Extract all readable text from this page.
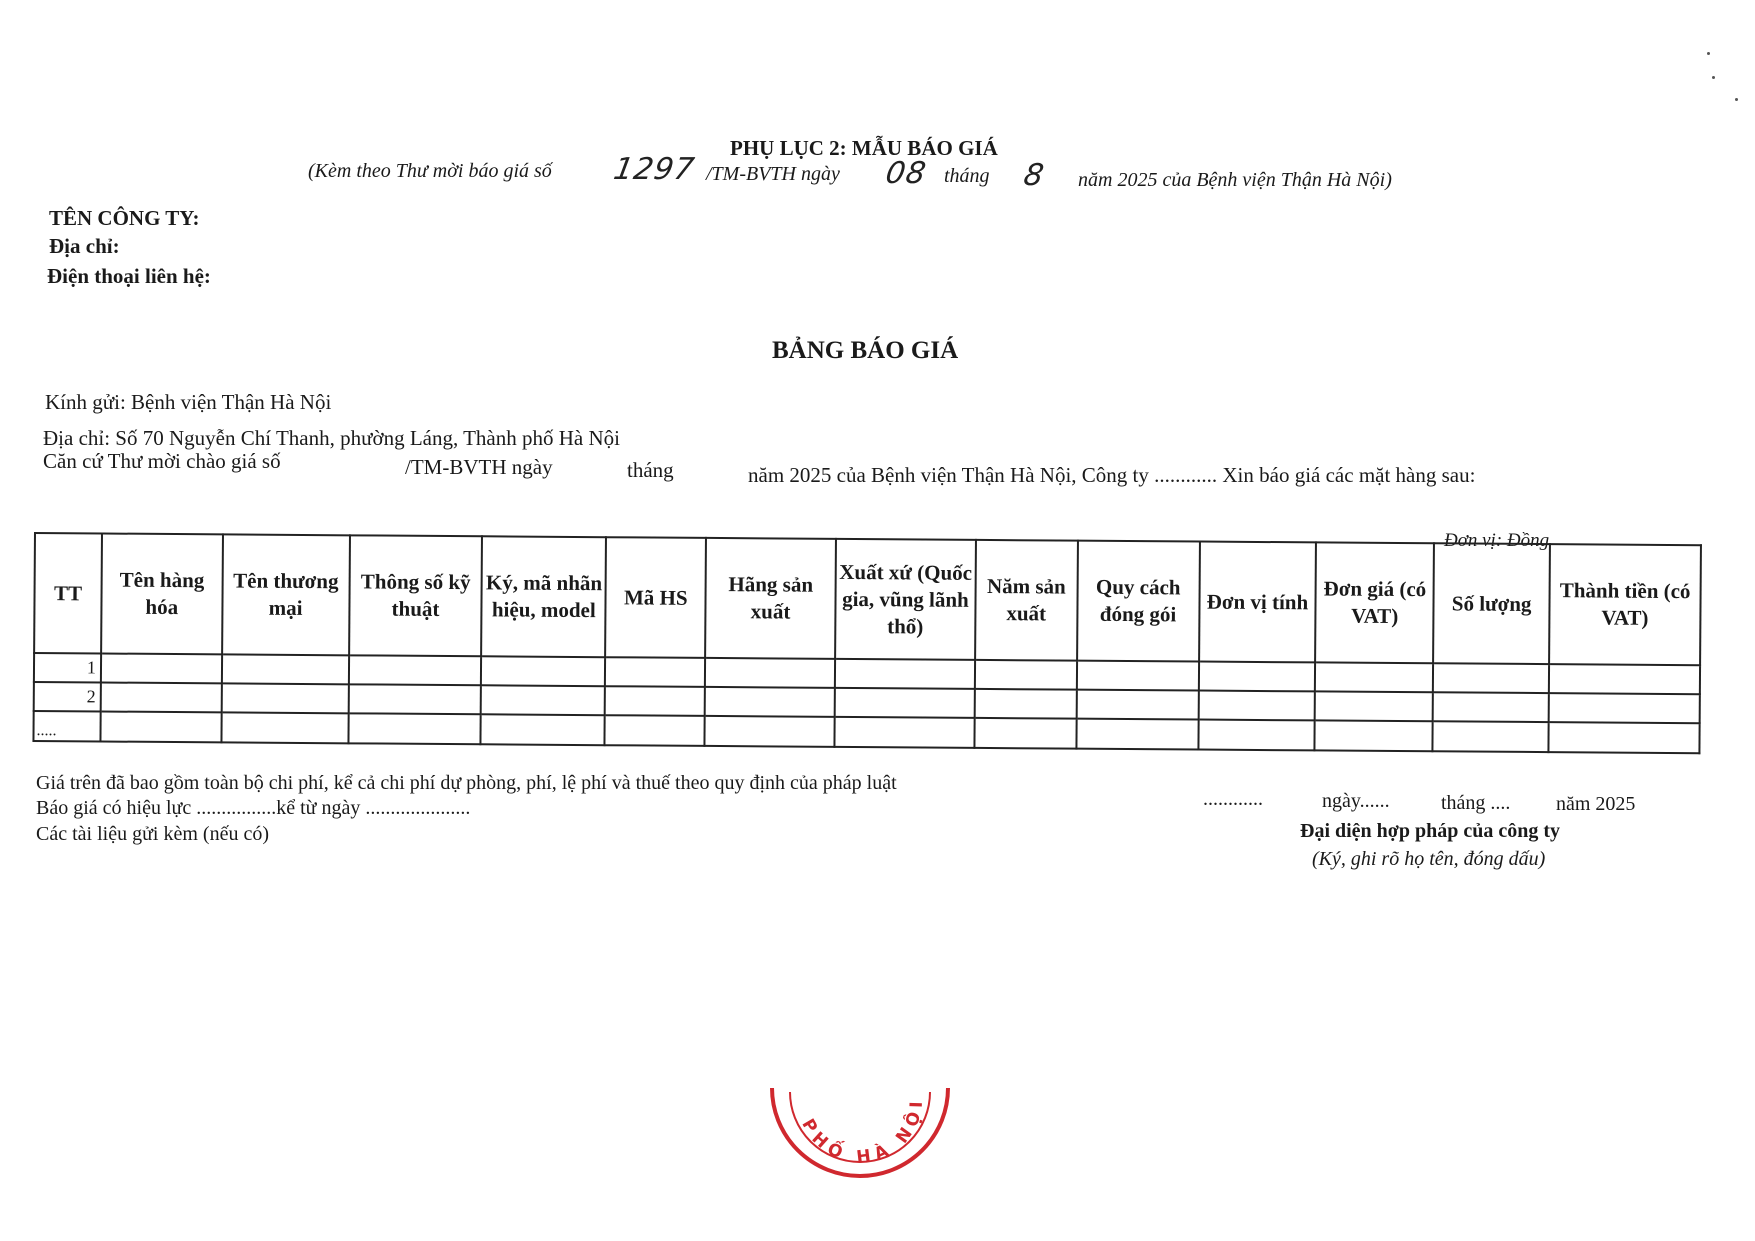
PHỤ LỤC 2: MẪU BÁO GIÁ
(Kèm theo Thư mời báo giá số 1297 /TM-BVTH ngày 08 tháng 8 năm 2025 của Bệnh viện Thận Hà Nội)
TÊN CÔNG TY:
Địa chỉ:
Điện thoại liên hệ:
BẢNG BÁO GIÁ
Kính gửi: Bệnh viện Thận Hà Nội
Địa chỉ: Số 70 Nguyễn Chí Thanh, phường Láng, Thành phố Hà Nội
Căn cứ Thư mời chào giá số	/TM-BVTH ngày	tháng	năm 2025 của Bệnh viện Thận Hà Nội, Công ty ............ Xin báo giá các mặt hàng sau:
Đơn vị: Đồng
TT	Tên hàng hóa	Tên thương mại	Thông số kỹ thuật	Ký, mã nhãn hiệu, model	Mã HS	Hãng sản xuất	Xuất xứ (Quốc gia, vũng lãnh thổ)	Năm sản xuất	Quy cách đóng gói	Đơn vị tính	Đơn giá (có VAT)	Số lượng	Thành tiền (có VAT)
1													
2													
.....													
Giá trên đã bao gồm toàn bộ chi phí, kể cả chi phí dự phòng, phí, lệ phí và thuế theo quy định của pháp luật
Báo giá có hiệu lực ................kể từ ngày .....................
Các tài liệu gửi kèm (nếu có)
............	ngày......	tháng .... năm 2025
Đại diện hợp pháp của công ty
(Ký, ghi rõ họ tên, đóng dấu)
PHỐ HÀ NỘI
